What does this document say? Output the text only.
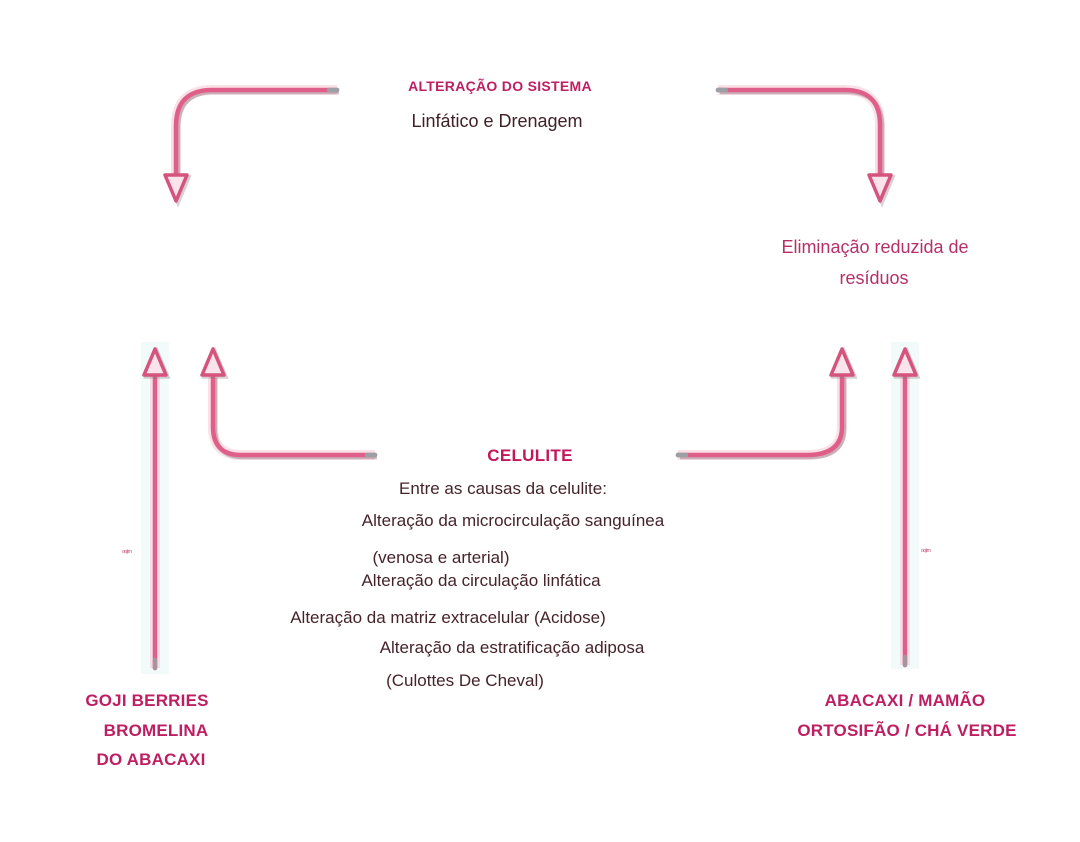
ALTERAÇÃO DO SISTEMA
Linfático e Drenagem
Eliminação reduzida de
resíduos
CELULITE
Entre as causas da celulite:
Alteração da microcirculação sanguínea
(venosa e arterial)
Alteração da circulação linfática
Alteração da matriz extracelular (Acidose)
Alteração da estratificação adiposa
(Culottes De Cheval)
GOJI BERRIES
BROMELINA
DO ABACAXI
ABACAXI / MAMÃO
ORTOSIFÃO / CHÁ VERDE
oojim	oojim
